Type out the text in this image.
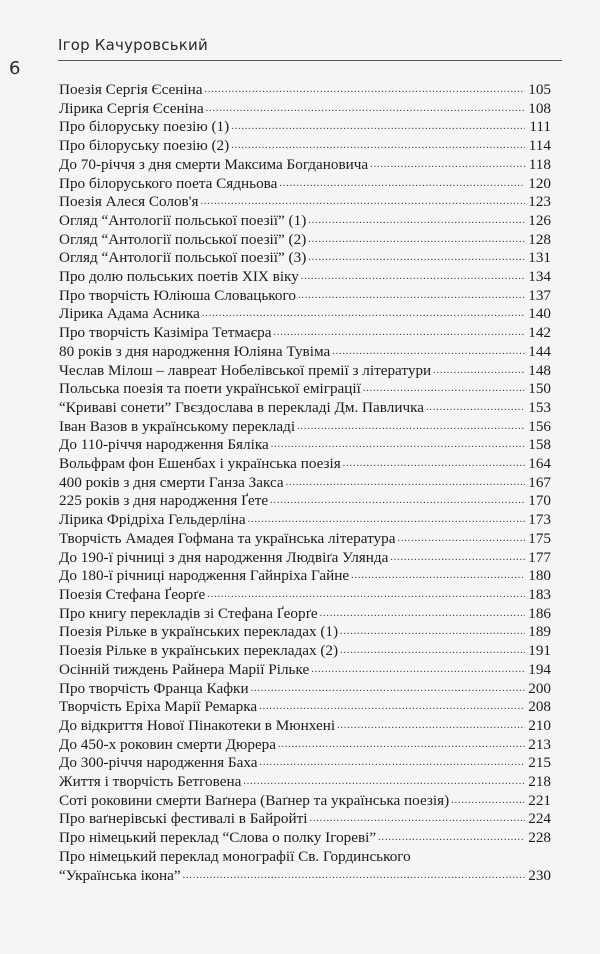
Ігор Качуровський
6
Поезія Сергія Єсеніна .....	105
Лірика Сергія Єсеніна .....	108
Про білоруську поезію (1) .....	111
Про білоруську поезію (2) .....	114
До 70-річчя з дня смерти Максима Богдановича .....	118
Про білоруського поета Сядньова .....	120
Поезія Алеся Солов'я .....	123
Огляд “Антології польської поезії” (1) .....	126
Огляд “Антології польської поезії” (2) .....	128
Огляд “Антології польської поезії” (3) .....	131
Про долю польських поетів XIX віку .....	134
Про творчість Юліюша Словацького .....	137
Лірика Адама Асника .....	140
Про творчість Казіміра Тетмаєра .....	142
80 років з дня народження Юліяна Тувіма .....	144
Чеслав Мілош – лавреат Нобелівської премії з літератури .....	148
Польська поезія та поети української еміграції .....	150
“Криваві сонети” Гвєздослава в перекладі Дм. Павличка .....	153
Іван Вазов в українському перекладі .....	156
До 110-річчя народження Бяліка .....	158
Вольфрам фон Ешенбах і українська поезія .....	164
400 років з дня смерти Ганза Закса .....	167
225 років з дня народження Ґете .....	170
Лірика Фрідріха Гельдерліна .....	173
Творчість Амадея Гофмана та українська література .....	175
До 190-ї річниці з дня народження Людвіґа Улянда .....	177
До 180-ї річниці народження Гайнріха Гайне .....	180
Поезія Стефана Ґеорґе .....	183
Про книгу перекладів зі Стефана Ґеорґе .....	186
Поезія Рільке в українських перекладах (1) .....	189
Поезія Рільке в українських перекладах (2) .....	191
Осінній тиждень Райнера Марії Рільке .....	194
Про творчість Франца Кафки .....	200
Творчість Еріха Марії Ремарка .....	208
До відкриття Нової Пінакотеки в Мюнхені .....	210
До 450-х роковин смерти Дюрера .....	213
До 300-річчя народження Баха .....	215
Життя і творчість Бетговена .....	218
Соті роковини смерти Ваґнера (Ваґнер та українська поезія) .....	221
Про ваґнерівські фестивалі в Байройті .....	224
Про німецький переклад “Слова о полку Ігореві” .....	228
Про німецький переклад монографії Св. Гординського
“Українська ікона” .....	230
